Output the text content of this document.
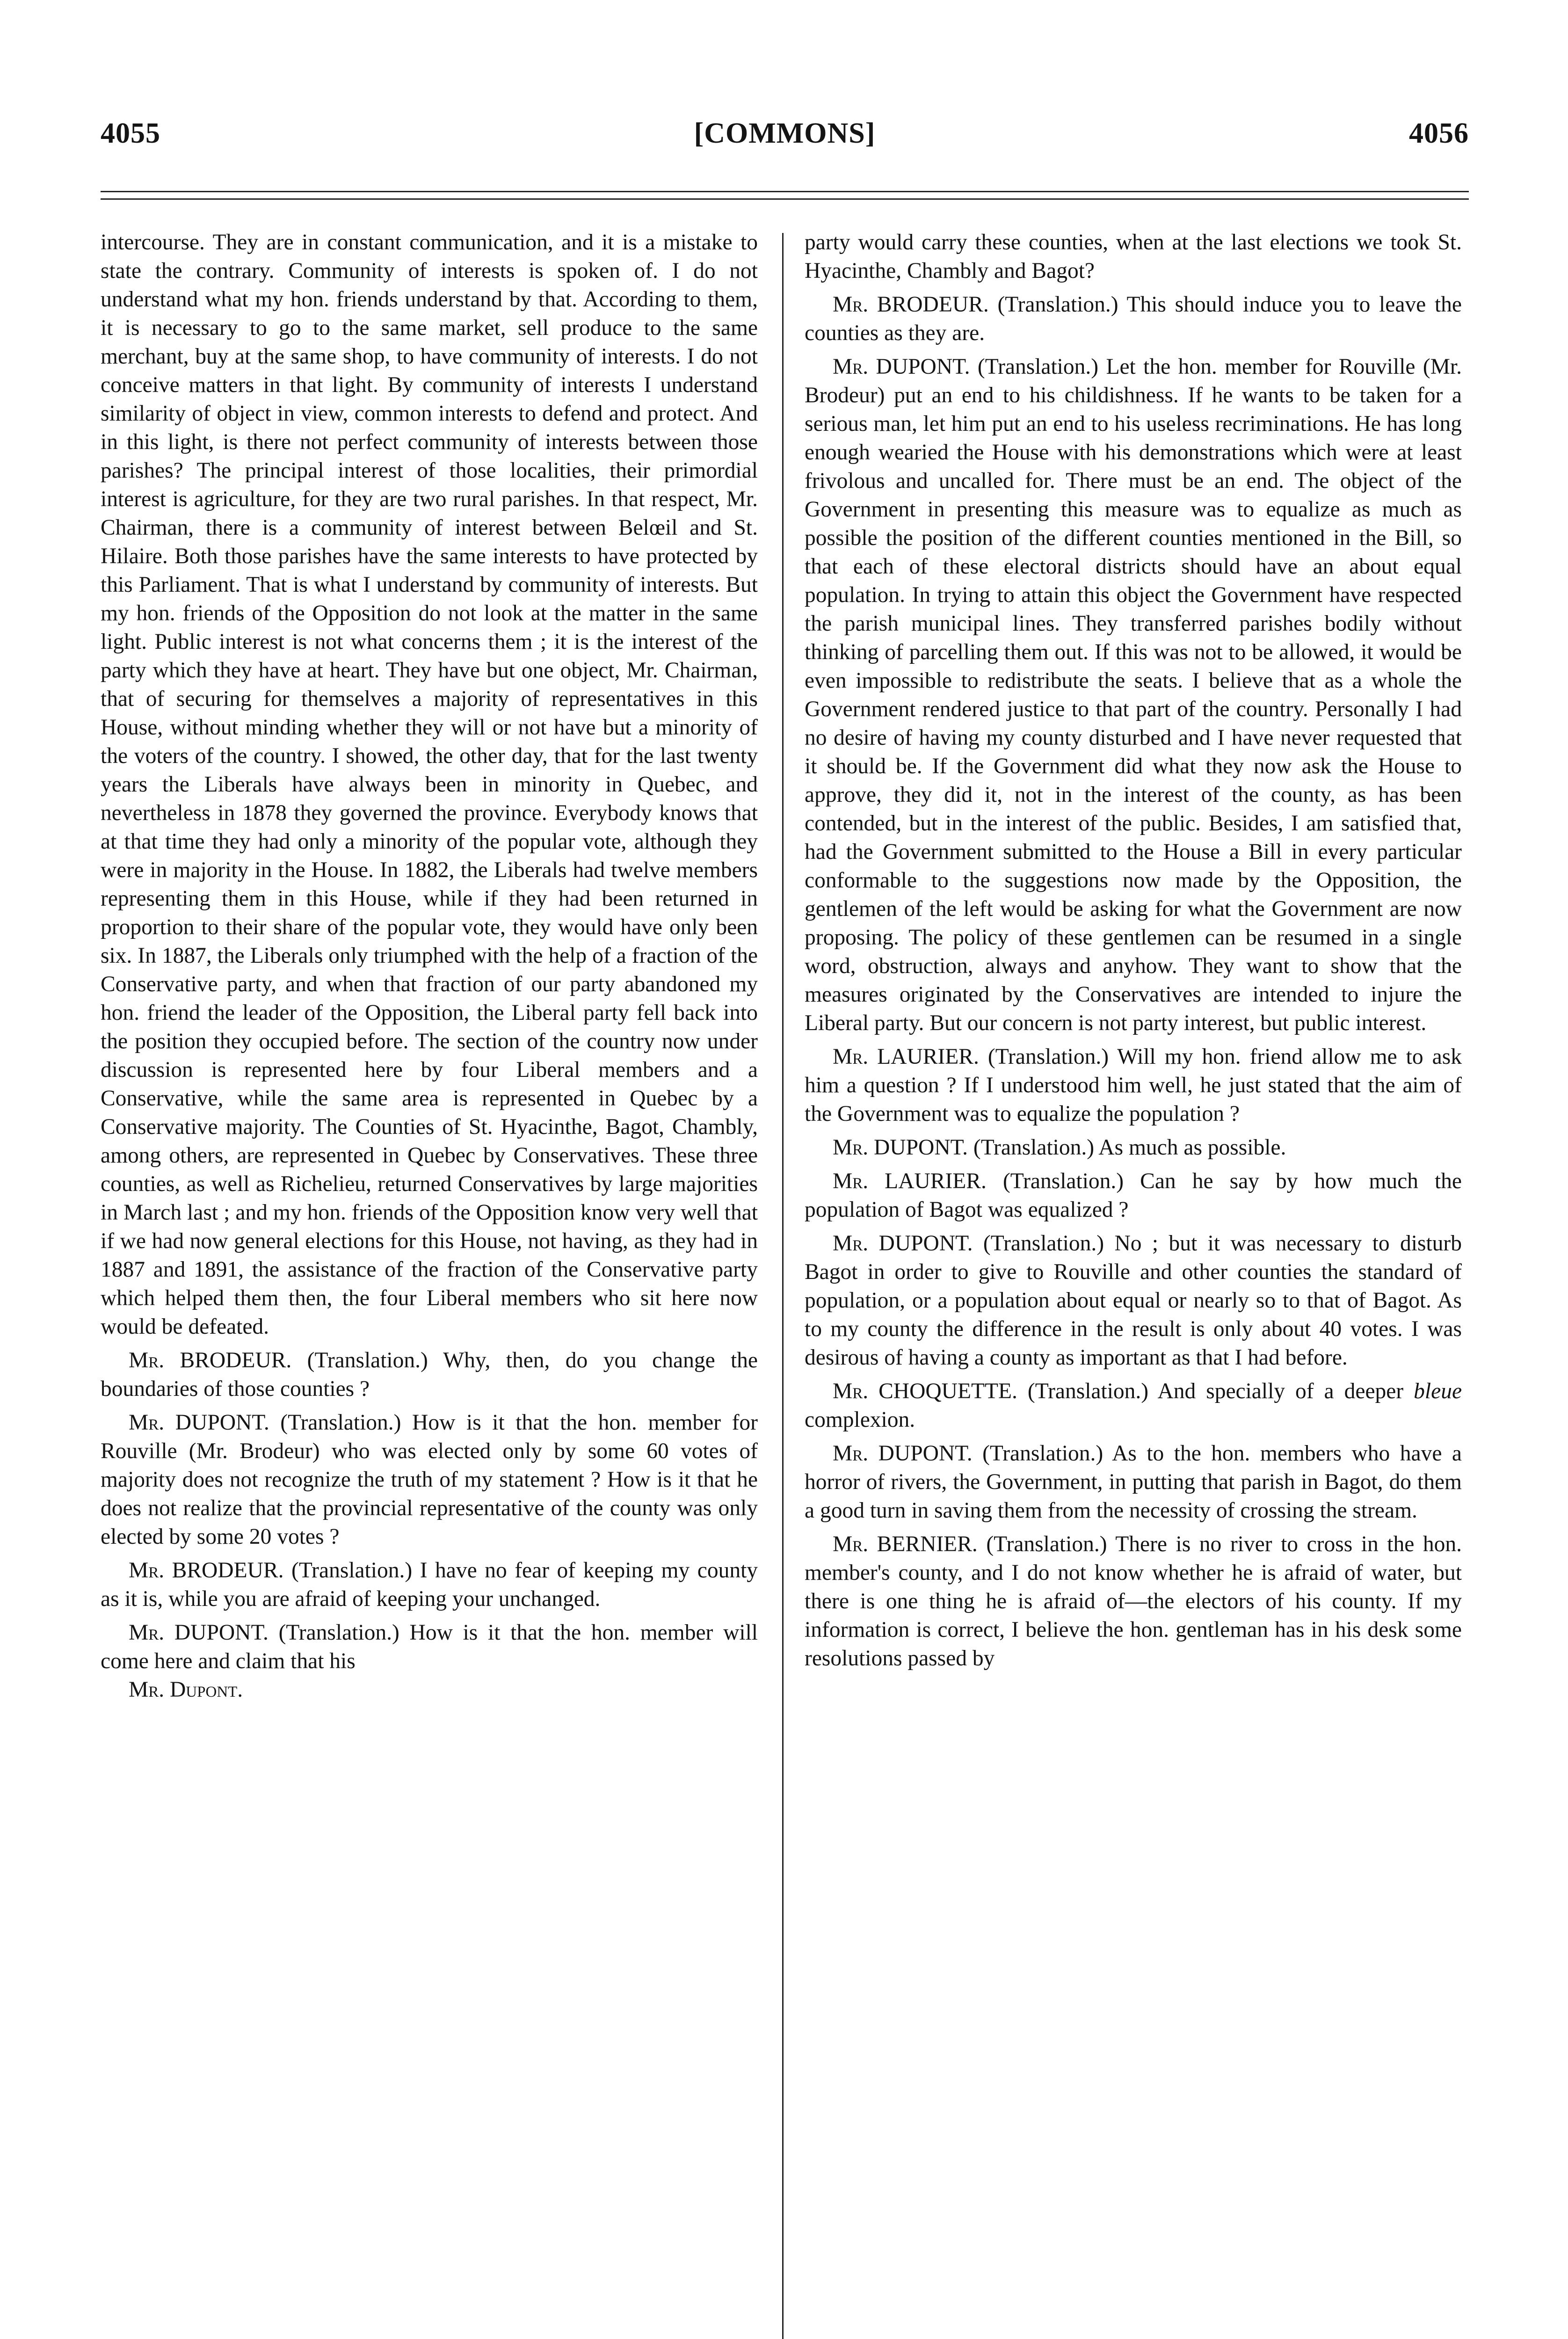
4055	[COMMONS]	4056

intercourse. They are in constant communication, and it is a mistake to state the contrary. Community of interests is spoken of. I do not understand what my hon. friends understand by that. According to them, it is necessary to go to the same market, sell produce to the same merchant, buy at the same shop, to have community of interests. I do not conceive matters in that light. By community of interests I understand similarity of object in view, common interests to defend and protect. And in this light, is there not perfect community of interests between those parishes? The principal interest of those localities, their primordial interest is agriculture, for they are two rural parishes. In that respect, Mr. Chairman, there is a community of interest between Belœil and St. Hilaire. Both those parishes have the same interests to have protected by this Parliament. That is what I understand by community of interests. But my hon. friends of the Opposition do not look at the matter in the same light. Public interest is not what concerns them ; it is the interest of the party which they have at heart. They have but one object, Mr. Chairman, that of securing for themselves a majority of representatives in this House, without minding whether they will or not have but a minority of the voters of the country. I showed, the other day, that for the last twenty years the Liberals have always been in minority in Quebec, and nevertheless in 1878 they governed the province. Everybody knows that at that time they had only a minority of the popular vote, although they were in majority in the House. In 1882, the Liberals had twelve members representing them in this House, while if they had been returned in proportion to their share of the popular vote, they would have only been six. In 1887, the Liberals only triumphed with the help of a fraction of the Conservative party, and when that fraction of our party abandoned my hon. friend the leader of the Opposition, the Liberal party fell back into the position they occupied before. The section of the country now under discussion is represented here by four Liberal members and a Conservative, while the same area is represented in Quebec by a Conservative majority. The Counties of St. Hyacinthe, Bagot, Chambly, among others, are represented in Quebec by Conservatives. These three counties, as well as Richelieu, returned Conservatives by large majorities in March last ; and my hon. friends of the Opposition know very well that if we had now general elections for this House, not having, as they had in 1887 and 1891, the assistance of the fraction of the Conservative party which helped them then, the four Liberal members who sit here now would be defeated.

Mr. BRODEUR. (Translation.) Why, then, do you change the boundaries of those counties ?

Mr. DUPONT. (Translation.) How is it that the hon. member for Rouville (Mr. Brodeur) who was elected only by some 60 votes of majority does not recognize the truth of my statement ? How is it that he does not realize that the provincial representative of the county was only elected by some 20 votes ?

Mr. BRODEUR. (Translation.) I have no fear of keeping my county as it is, while you are afraid of keeping your unchanged.

Mr. DUPONT. (Translation.) How is it that the hon. member will come here and claim that his

Mr. Dupont.

party would carry these counties, when at the last elections we took St. Hyacinthe, Chambly and Bagot?

Mr. BRODEUR. (Translation.) This should induce you to leave the counties as they are.

Mr. DUPONT. (Translation.) Let the hon. member for Rouville (Mr. Brodeur) put an end to his childishness. If he wants to be taken for a serious man, let him put an end to his useless recriminations. He has long enough wearied the House with his demonstrations which were at least frivolous and uncalled for. There must be an end. The object of the Government in presenting this measure was to equalize as much as possible the position of the different counties mentioned in the Bill, so that each of these electoral districts should have an about equal population. In trying to attain this object the Government have respected the parish municipal lines. They transferred parishes bodily without thinking of parcelling them out. If this was not to be allowed, it would be even impossible to redistribute the seats. I believe that as a whole the Government rendered justice to that part of the country. Personally I had no desire of having my county disturbed and I have never requested that it should be. If the Government did what they now ask the House to approve, they did it, not in the interest of the county, as has been contended, but in the interest of the public. Besides, I am satisfied that, had the Government submitted to the House a Bill in every particular conformable to the suggestions now made by the Opposition, the gentlemen of the left would be asking for what the Government are now proposing. The policy of these gentlemen can be resumed in a single word, obstruction, always and anyhow. They want to show that the measures originated by the Conservatives are intended to injure the Liberal party. But our concern is not party interest, but public interest.

Mr. LAURIER. (Translation.) Will my hon. friend allow me to ask him a question ? If I understood him well, he just stated that the aim of the Government was to equalize the population ?

Mr. DUPONT. (Translation.) As much as possible.

Mr. LAURIER. (Translation.) Can he say by how much the population of Bagot was equalized ?

Mr. DUPONT. (Translation.) No ; but it was necessary to disturb Bagot in order to give to Rouville and other counties the standard of population, or a population about equal or nearly so to that of Bagot. As to my county the difference in the result is only about 40 votes. I was desirous of having a county as important as that I had before.

Mr. CHOQUETTE. (Translation.) And specially of a deeper bleue complexion.

Mr. DUPONT. (Translation.) As to the hon. members who have a horror of rivers, the Government, in putting that parish in Bagot, do them a good turn in saving them from the necessity of crossing the stream.

Mr. BERNIER. (Translation.) There is no river to cross in the hon. member's county, and I do not know whether he is afraid of water, but there is one thing he is afraid of—the electors of his county. If my information is correct, I believe the hon. gentleman has in his desk some resolutions passed by
